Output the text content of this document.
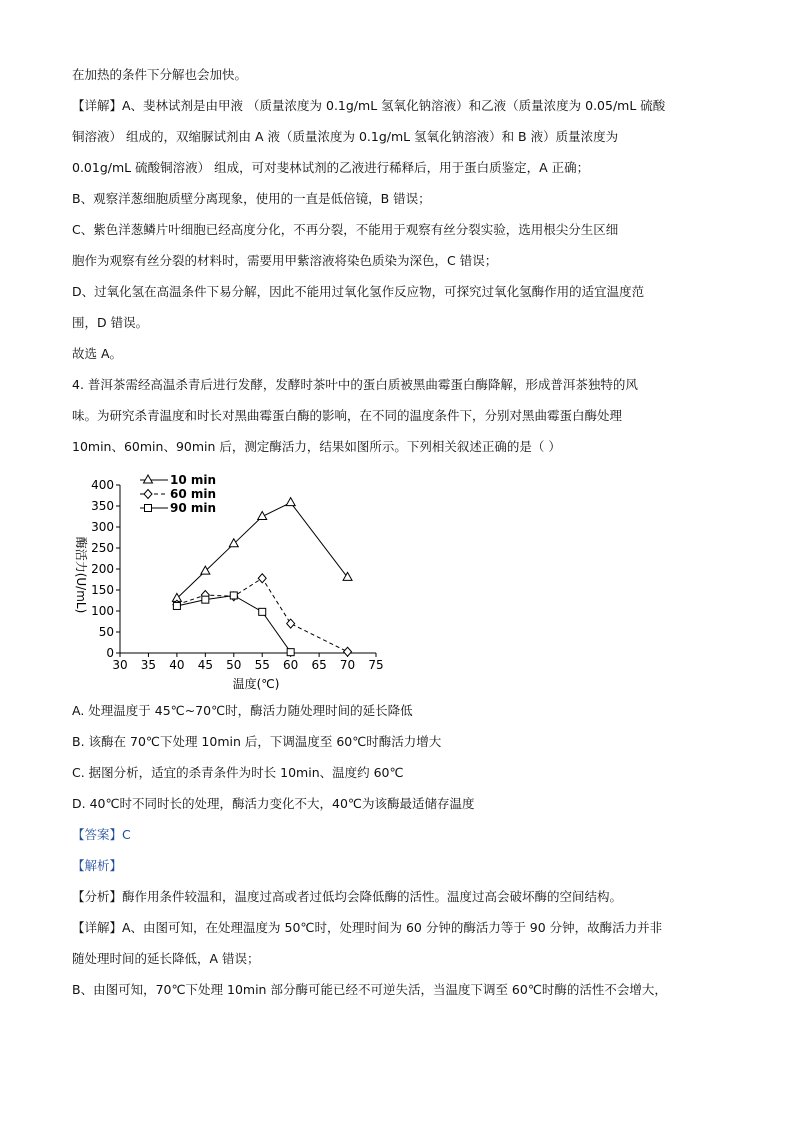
在加热的条件下分解也会加快。
【详解】A、斐林试剂是由甲液 （质量浓度为 0.1g/mL 氢氧化钠溶液）和乙液（质量浓度为 0.05/mL 硫酸
铜溶液） 组成的，双缩脲试剂由 A 液（质量浓度为 0.1g/mL 氢氧化钠溶液）和 B 液）质量浓度为
0.01g/mL 硫酸铜溶液） 组成，可对斐林试剂的乙液进行稀释后，用于蛋白质鉴定，A 正确；
B、观察洋葱细胞质壁分离现象，使用的一直是低倍镜，B 错误；
C、紫色洋葱鳞片叶细胞已经高度分化，不再分裂，不能用于观察有丝分裂实验，选用根尖分生区细
胞作为观察有丝分裂的材料时，需要用甲紫溶液将染色质染为深色，C 错误；
D、过氧化氢在高温条件下易分解，因此不能用过氧化氢作反应物，可探究过氧化氢酶作用的适宜温度范
围，D 错误。
故选 A。
4. 普洱茶需经高温杀青后进行发酵，发酵时茶叶中的蛋白质被黑曲霉蛋白酶降解，形成普洱茶独特的风
味。为研究杀青温度和时长对黑曲霉蛋白酶的影响，在不同的温度条件下，分别对黑曲霉蛋白酶处理
10min、60min、90min 后，测定酶活力，结果如图所示。下列相关叙述正确的是（ ）
30 35 40 45 50 55 60 65 70 75
0
50
100
150
200
250
300
350
400	10 min
60 min
90 min
酶活力(U/mL)
温度(℃)
A. 处理温度于 45℃~70℃时，酶活力随处理时间的延长降低
B. 该酶在 70℃下处理 10min 后，下调温度至 60℃时酶活力增大
C. 据图分析，适宜的杀青条件为时长 10min、温度约 60℃
D. 40℃时不同时长的处理，酶活力变化不大，40℃为该酶最适储存温度
【答案】C
【解析】
【分析】酶作用条件较温和，温度过高或者过低均会降低酶的活性。温度过高会破坏酶的空间结构。
【详解】A、由图可知，在处理温度为 50℃时，处理时间为 60 分钟的酶活力等于 90 分钟，故酶活力并非
随处理时间的延长降低，A 错误；
B、由图可知，70℃下处理 10min 部分酶可能已经不可逆失活，当温度下调至 60℃时酶的活性不会增大，
